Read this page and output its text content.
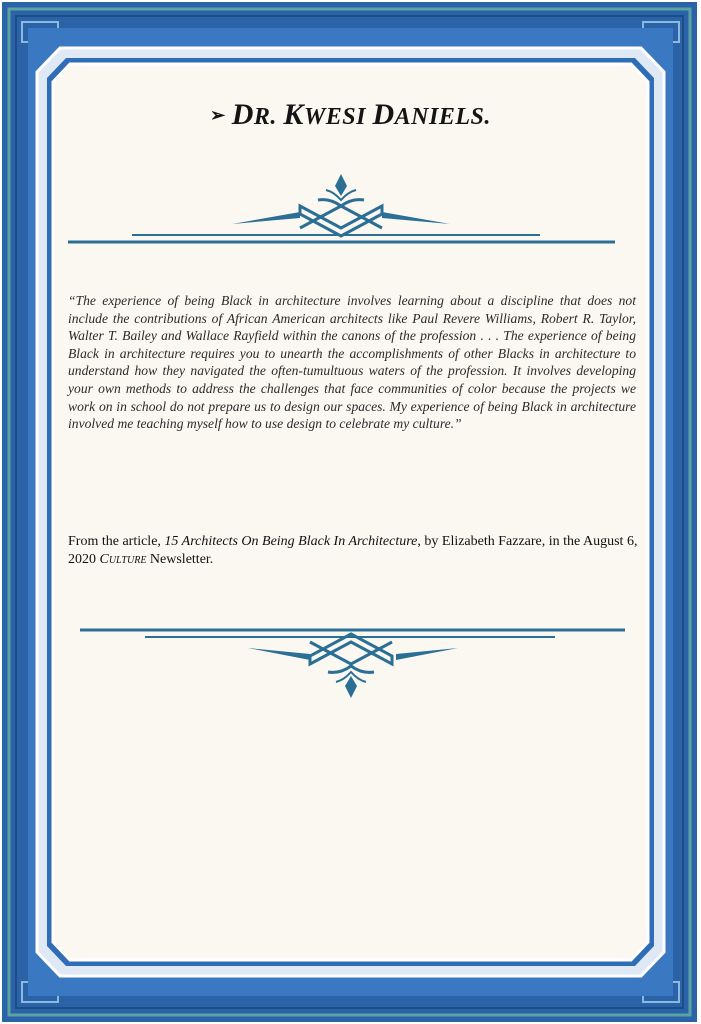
➢ DR. KWESI DANIELS.
“The experience of being Black in architecture involves learning about a discipline that does not include the contributions of African American architects like Paul Revere Williams, Robert R. Taylor, Walter T. Bailey and Wallace Rayfield within the canons of the profession . . . The experience of being Black in architecture requires you to unearth the accomplishments of other Blacks in architecture to understand how they navigated the often-tumultuous waters of the profession. It involves developing your own methods to address the challenges that face communities of color because the projects we work on in school do not prepare us to design our spaces. My experience of being Black in architecture involved me teaching myself how to use design to celebrate my culture.”
From the article, 15 Architects On Being Black In Architecture, by Elizabeth Fazzare, in the August 6, 2020 Culture Newsletter.
